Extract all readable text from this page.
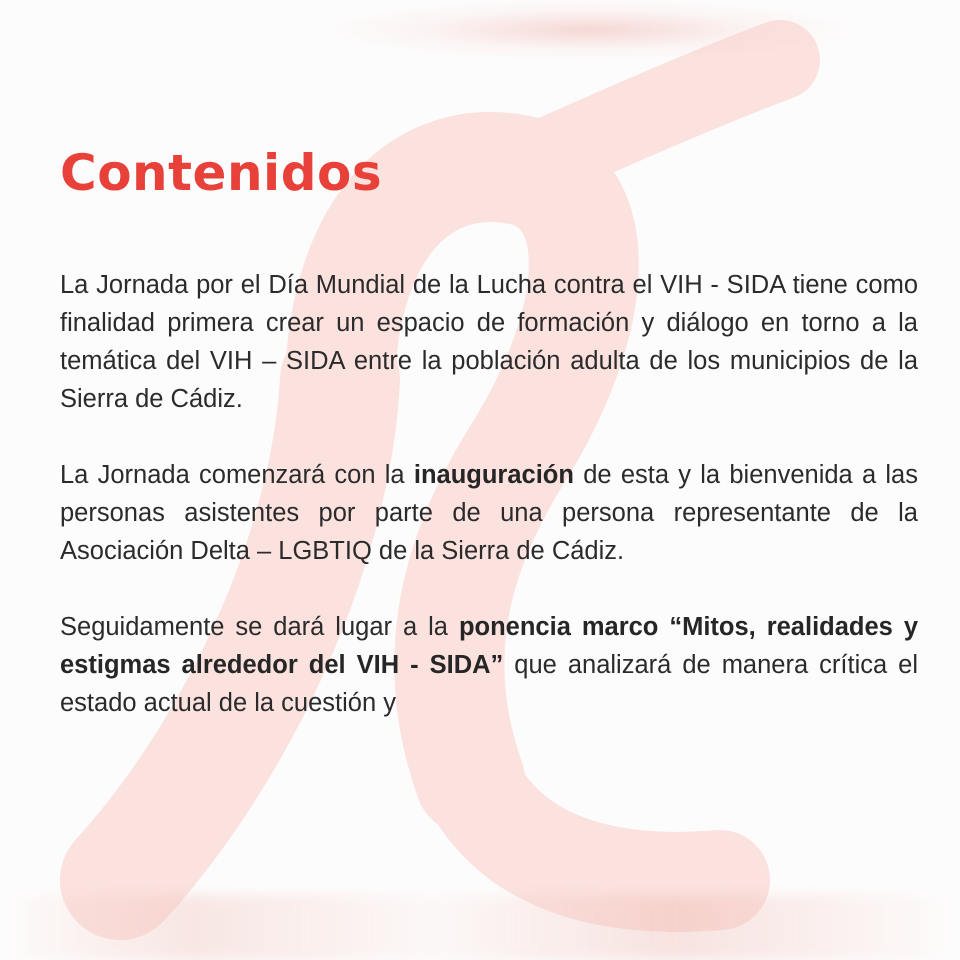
Contenidos

La Jornada por el Día Mundial de la Lucha contra el VIH - SIDA tiene como finalidad primera crear un espacio de formación y diálogo en torno a la temática del VIH – SIDA entre la población adulta de los municipios de la Sierra de Cádiz.

La Jornada comenzará con la inauguración de esta y la bienvenida a las personas asistentes por parte de una persona representante de la Asociación Delta – LGBTIQ de la Sierra de Cádiz.

Seguidamente se dará lugar a la ponencia marco “Mitos, realidades y estigmas alrededor del VIH - SIDA” que analizará de manera crítica el estado actual de la cuestión y
